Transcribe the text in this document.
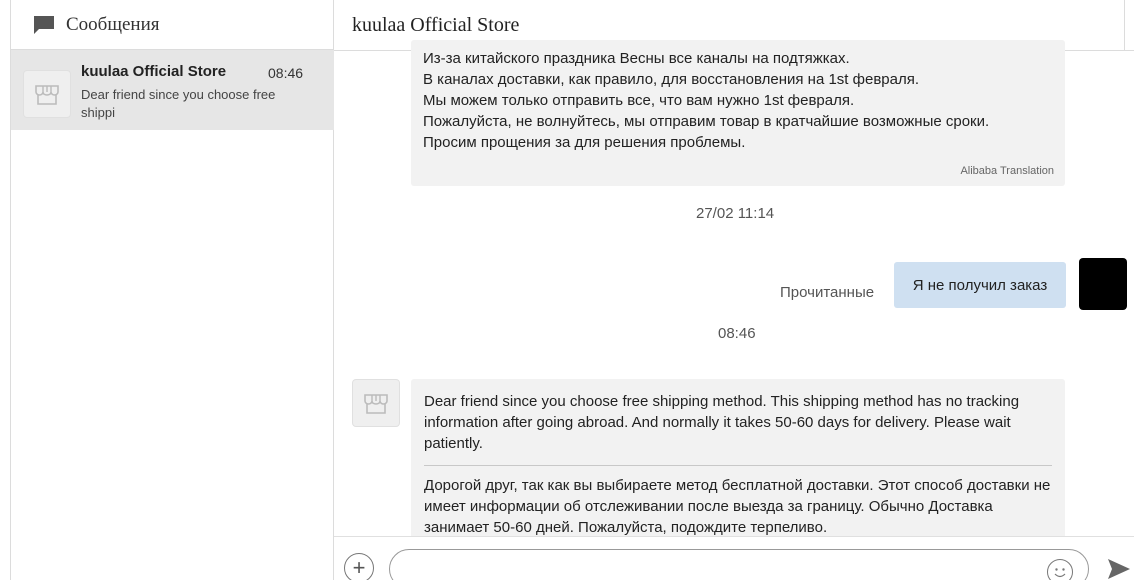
Сообщения
kuulaa Official Store	08:46
Dear friend since you choose free shippi
kuulaa Official Store

Из-за китайского праздника Весны все каналы на подтяжках.

В каналах доставки, как правило, для восстановления на 1st февраля.

Мы можем только отправить все, что вам нужно 1st февраля.

Пожалуйста, не волнуйтесь, мы отправим товар в кратчайшие возможные сроки.

Просим прощения за для решения проблемы.

Alibaba Translation
27/02 11:14
Прочитанные	Я не получил заказ
08:46

Dear friend since you choose free shipping method. This shipping method has no tracking information after going abroad. And normally it takes 50-60 days for delivery. Please wait patiently.

Дорогой друг, так как вы выбираете метод бесплатной доставки. Этот способ доставки не имеет информации об отслеживании после выезда за границу. Обычно Доставка занимает 50-60 дней. Пожалуйста, подождите терпеливо.

+
